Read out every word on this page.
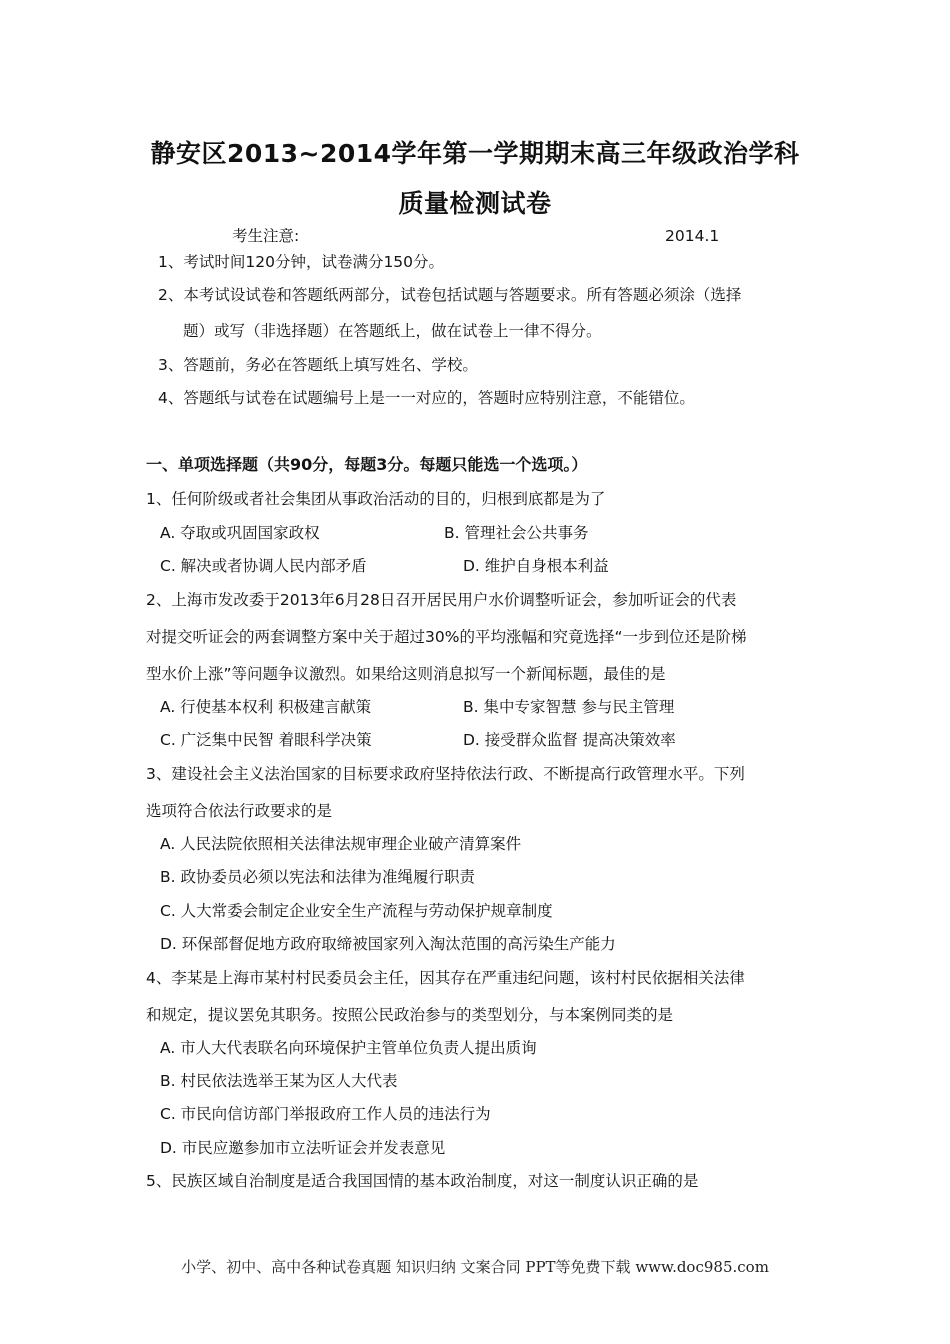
静安区2013~2014学年第一学期期末高三年级政治学科
质量检测试卷
考生注意:	2014.1
1、考试时间120分钟，试卷满分150分。
2、本考试设试卷和答题纸两部分，试卷包括试题与答题要求。所有答题必须涂（选择
题）或写（非选择题）在答题纸上，做在试卷上一律不得分。
3、答题前，务必在答题纸上填写姓名、学校。
4、答题纸与试卷在试题编号上是一一对应的，答题时应特别注意，不能错位。
一、单项选择题（共90分，每题3分。每题只能选一个选项。）
1、任何阶级或者社会集团从事政治活动的目的，归根到底都是为了
A. 夺取或巩固国家政权	B. 管理社会公共事务
C. 解决或者协调人民内部矛盾	D. 维护自身根本利益
2、上海市发改委于2013年6月28日召开居民用户水价调整听证会，参加听证会的代表
对提交听证会的两套调整方案中关于超过30%的平均涨幅和究竟选择“一步到位还是阶梯
型水价上涨”等问题争议激烈。如果给这则消息拟写一个新闻标题，最佳的是
A. 行使基本权利 积极建言献策	B. 集中专家智慧 参与民主管理
C. 广泛集中民智 着眼科学决策	D. 接受群众监督 提高决策效率
3、建设社会主义法治国家的目标要求政府坚持依法行政、不断提高行政管理水平。下列
选项符合依法行政要求的是
A. 人民法院依照相关法律法规审理企业破产清算案件
B. 政协委员必须以宪法和法律为准绳履行职责
C. 人大常委会制定企业安全生产流程与劳动保护规章制度
D. 环保部督促地方政府取缔被国家列入淘汰范围的高污染生产能力
4、李某是上海市某村村民委员会主任，因其存在严重违纪问题，该村村民依据相关法律
和规定，提议罢免其职务。按照公民政治参与的类型划分，与本案例同类的是
A. 市人大代表联名向环境保护主管单位负责人提出质询
B. 村民依法选举王某为区人大代表
C. 市民向信访部门举报政府工作人员的违法行为
D. 市民应邀参加市立法听证会并发表意见
5、民族区域自治制度是适合我国国情的基本政治制度，对这一制度认识正确的是
小学、初中、高中各种试卷真题 知识归纳 文案合同 PPT等免费下载 www.doc985.com
